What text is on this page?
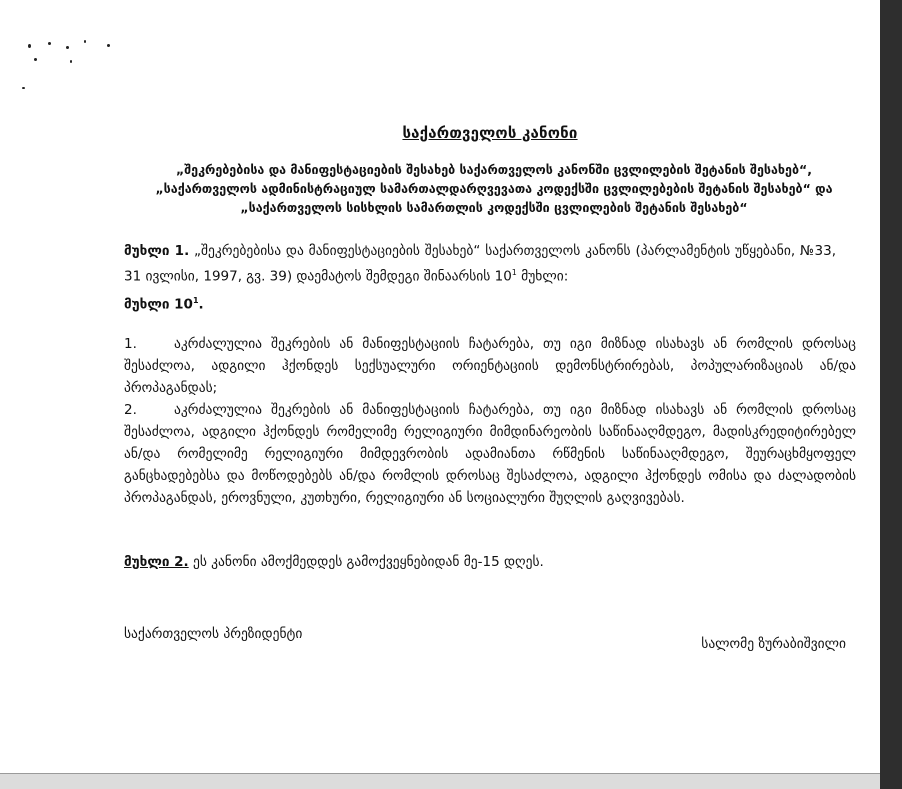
საქართველოს კანონი
„შეკრებებისა და მანიფესტაციების შესახებ საქართველოს კანონში ცვლილების შეტანის შესახებ“, „საქართველოს ადმინისტრაციულ სამართალდარღვევათა კოდექსში ცვლილებების შეტანის შესახებ“ და „საქართველოს სისხლის სამართლის კოდექსში ცვლილების შეტანის შესახებ“
მუხლი 1. „შეკრებებისა და მანიფესტაციების შესახებ“ საქართველოს კანონს (პარლამენტის უწყებანი, №33, 31 ივლისი, 1997, გვ. 39) დაემატოს შემდეგი შინაარსის $10^1$ მუხლი:
მუხლი $10^1$.
1.	აკრძალულია შეკრების ან მანიფესტაციის ჩატარება, თუ იგი მიზნად ისახავს ან რომლის დროსაც შესაძლოა, ადგილი ჰქონდეს სექსუალური ორიენტაციის დემონსტრირებას, პოპულარიზაციას ან/და პროპაგანდას;
2.	აკრძალულია შეკრების ან მანიფესტაციის ჩატარება, თუ იგი მიზნად ისახავს ან რომლის დროსაც შესაძლოა, ადგილი ჰქონდეს რომელიმე რელიგიური მიმდინარეობის საწინააღმდეგო, მადისკრედიტირებელ ან/და რომელიმე რელიგიური მიმდევრობის ადამიანთა რწმენის საწინააღმდეგო, შეურაცხმყოფელ განცხადებებსა და მოწოდებებს ან/და რომლის დროსაც შესაძლოა, ადგილი ჰქონდეს ომისა და ძალადობის პროპაგანდას, ეროვნული, კუთხური, რელიგიური ან სოციალური შუღლის გაღვივებას.
მუხლი 2. ეს კანონი ამოქმედდეს გამოქვეყნებიდან მე-15 დღეს.
საქართველოს პრეზიდენტი
სალომე ზურაბიშვილი
